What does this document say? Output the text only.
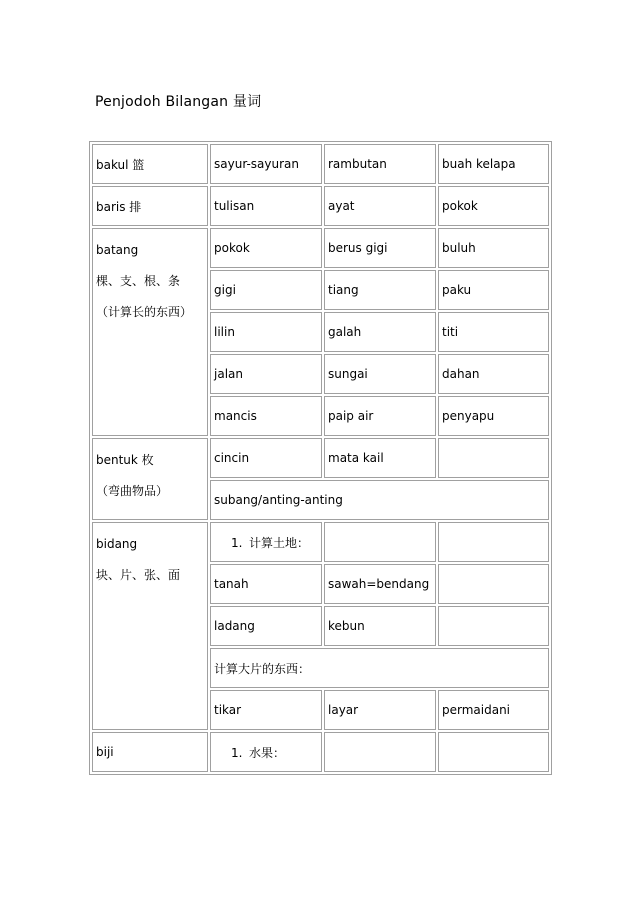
Penjodoh Bilangan 量词
bakul 篮	sayur-sayuran	rambutan	buah kelapa
baris 排	tulisan	ayat	pokok

batang
棵、支、根、条
（计算长的东西）	pokok	berus gigi	buluh
	gigi	tiang	paku
	lilin	galah	titi
	jalan	sungai	dahan
	mancis	paip air	penyapu

bentuk 枚
（弯曲物品）	cincin	mata kail	
	subang/anting-anting		

bidang
块、片、张、面	1. 计算土地：		
	tanah	sawah=bendang	
	ladang	kebun	
	计算大片的东西：		
	tikar	layar	permaidani
biji	1. 水果：		
